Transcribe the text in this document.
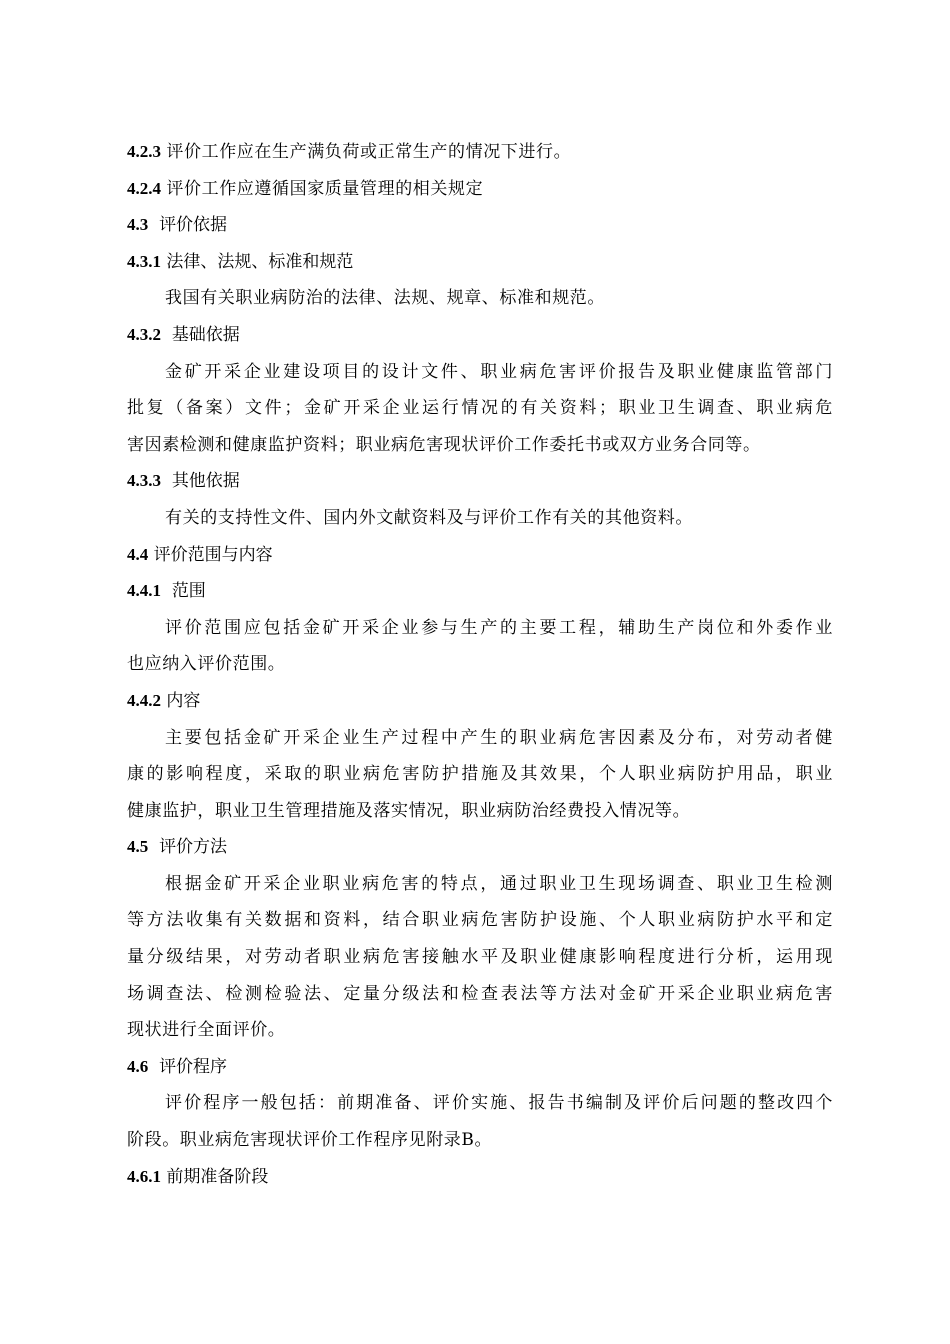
4.2.3 评价工作应在生产满负荷或正常生产的情况下进行。
4.2.4 评价工作应遵循国家质量管理的相关规定
4.3 评价依据
4.3.1 法律、法规、标准和规范
我国有关职业病防治的法律、法规、规章、标准和规范。
4.3.2 基础依据
金矿开采企业建设项目的设计文件、职业病危害评价报告及职业健康监管部门
批复（备案）文件；金矿开采企业运行情况的有关资料；职业卫生调查、职业病危
害因素检测和健康监护资料；职业病危害现状评价工作委托书或双方业务合同等。
4.3.3 其他依据
有关的支持性文件、国内外文献资料及与评价工作有关的其他资料。
4.4 评价范围与内容
4.4.1 范围
评价范围应包括金矿开采企业参与生产的主要工程，辅助生产岗位和外委作业
也应纳入评价范围。
4.4.2 内容
主要包括金矿开采企业生产过程中产生的职业病危害因素及分布，对劳动者健
康的影响程度，采取的职业病危害防护措施及其效果，个人职业病防护用品，职业
健康监护，职业卫生管理措施及落实情况，职业病防治经费投入情况等。
4.5 评价方法
根据金矿开采企业职业病危害的特点，通过职业卫生现场调查、职业卫生检测
等方法收集有关数据和资料，结合职业病危害防护设施、个人职业病防护水平和定
量分级结果，对劳动者职业病危害接触水平及职业健康影响程度进行分析，运用现
场调查法、检测检验法、定量分级法和检查表法等方法对金矿开采企业职业病危害
现状进行全面评价。
4.6 评价程序
评价程序一般包括：前期准备、评价实施、报告书编制及评价后问题的整改四个
阶段。职业病危害现状评价工作程序见附录B。
4.6.1 前期准备阶段
